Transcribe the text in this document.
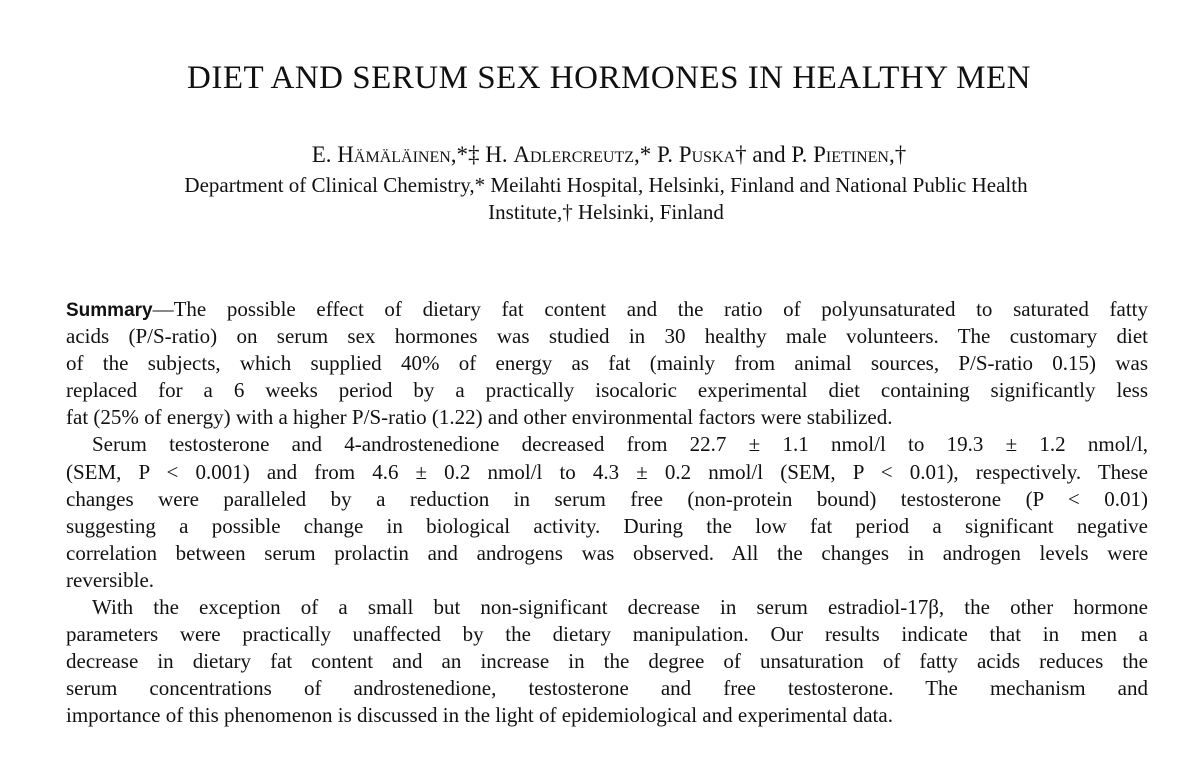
DIET AND SERUM SEX HORMONES IN HEALTHY MEN
E. Hämäläinen,*‡ H. Adlercreutz,* P. Puska† and P. Pietinen,†
Department of Clinical Chemistry,* Meilahti Hospital, Helsinki, Finland and National Public Health
Institute,† Helsinki, Finland
Summary—The possible effect of dietary fat content and the ratio of polyunsaturated to saturated fatty
acids (P/S-ratio) on serum sex hormones was studied in 30 healthy male volunteers. The customary diet
of the subjects, which supplied 40% of energy as fat (mainly from animal sources, P/S-ratio 0.15) was
replaced for a 6 weeks period by a practically isocaloric experimental diet containing significantly less
fat (25% of energy) with a higher P/S-ratio (1.22) and other environmental factors were stabilized.
Serum testosterone and 4-androstenedione decreased from 22.7 ± 1.1 nmol/l to 19.3 ± 1.2 nmol/l,
(SEM, P < 0.001) and from 4.6 ± 0.2 nmol/l to 4.3 ± 0.2 nmol/l (SEM, P < 0.01), respectively. These
changes were paralleled by a reduction in serum free (non-protein bound) testosterone (P < 0.01)
suggesting a possible change in biological activity. During the low fat period a significant negative
correlation between serum prolactin and androgens was observed. All the changes in androgen levels were
reversible.
With the exception of a small but non-significant decrease in serum estradiol-17β, the other hormone
parameters were practically unaffected by the dietary manipulation. Our results indicate that in men a
decrease in dietary fat content and an increase in the degree of unsaturation of fatty acids reduces the
serum concentrations of androstenedione, testosterone and free testosterone. The mechanism and
importance of this phenomenon is discussed in the light of epidemiological and experimental data.
